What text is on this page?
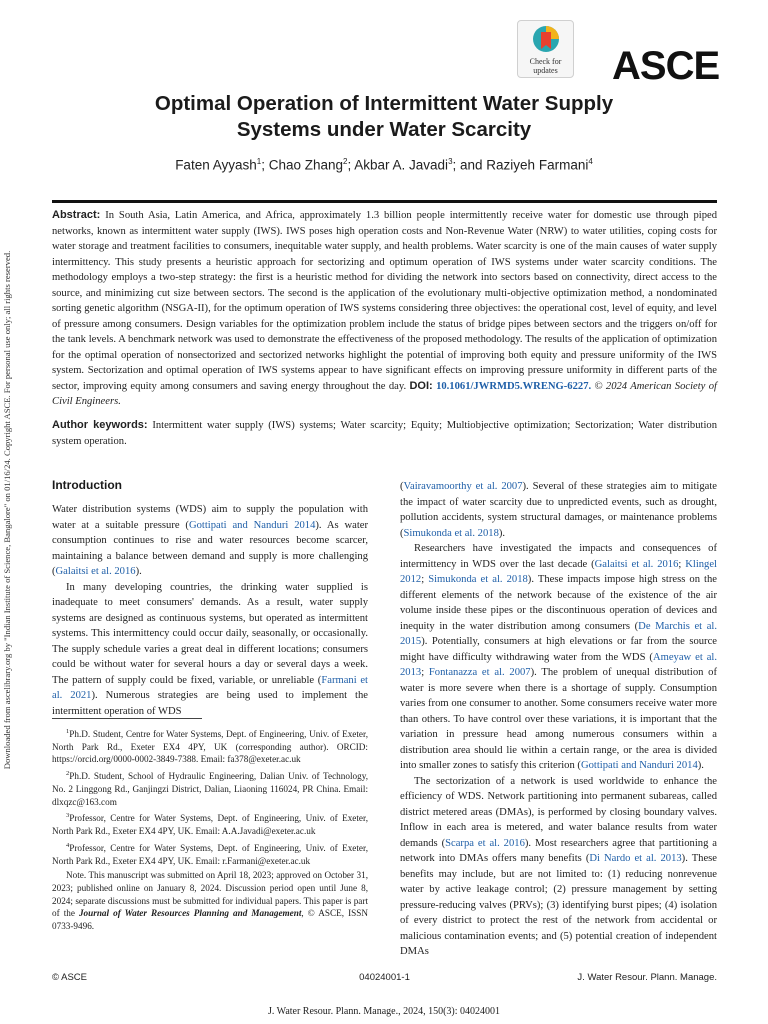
Downloaded from ascelibrary.org by "Indian Institute of Science, Bangalore" on 01/16/24. Copyright ASCE. For personal use only; all rights reserved.
Check for
updates	ASCE
Optimal Operation of Intermittent Water Supply
Systems under Water Scarcity
Faten Ayyash$^1$; Chao Zhang$^2$; Akbar A. Javadi$^3$; and Raziyeh Farmani$^4$
Abstract: In South Asia, Latin America, and Africa, approximately 1.3 billion people intermittently receive water for domestic use through piped networks, known as intermittent water supply (IWS). IWS poses high operation costs and Non-Revenue Water (NRW) to water utilities, coping costs for water storage and treatment facilities to consumers, inequitable water supply, and health problems. Water scarcity is one of the main causes of water supply intermittency. This study presents a heuristic approach for sectorizing and optimum operation of IWS systems under water scarcity conditions. The methodology employs a two-step strategy: the first is a heuristic method for dividing the network into sectors based on connectivity, direct access to the source, and minimizing cut size between sectors. The second is the application of the evolutionary multi-objective optimization method, a nondominated sorting genetic algorithm (NSGA-II), for the optimum operation of IWS systems considering three objectives: the operational cost, level of equity, and level of pressure among consumers. Design variables for the optimization problem include the status of bridge pipes between sectors and the triggers on/off for the tank levels. A benchmark network was used to demonstrate the effectiveness of the proposed methodology. The results of the application of optimization for the optimal operation of nonsectorized and sectorized networks highlight the potential of improving both equity and pressure uniformity of the IWS system. Sectorization and optimal operation of IWS systems appear to have significant effects on improving pressure uniformity in different parts of the sector, improving equity among consumers and saving energy throughout the day. DOI: 10.1061/JWRMD5.WRENG-6227. © 2024 American Society of Civil Engineers.
Author keywords: Intermittent water supply (IWS) systems; Water scarcity; Equity; Multiobjective optimization; Sectorization; Water distribution system operation.
Introduction

Water distribution systems (WDS) aim to supply the population with water at a suitable pressure (Gottipati and Nanduri 2014). As water consumption continues to rise and water resources become scarcer, maintaining a balance between demand and supply is more challenging (Galaitsi et al. 2016).

In many developing countries, the drinking water supplied is inadequate to meet consumers' demands. As a result, water supply systems are designed as continuous systems, but operated as intermittent systems. This intermittency could occur daily, seasonally, or occasionally. The supply schedule varies a great deal in different locations; consumers could be without water for several hours a day or several days a week. The pattern of supply could be fixed, variable, or unreliable (Farmani et al. 2021). Numerous strategies are being used to implement the intermittent operation of WDS

$^1$Ph.D. Student, Centre for Water Systems, Dept. of Engineering, Univ. of Exeter, North Park Rd., Exeter EX4 4PY, UK (corresponding author). ORCID: https://orcid.org/0000-0002-3849-7388. Email: fa378@exeter.ac.uk

$^2$Ph.D. Student, School of Hydraulic Engineering, Dalian Univ. of Technology, No. 2 Linggong Rd., Ganjingzi District, Dalian, Liaoning 116024, PR China. Email: dlxqzc@163.com

$^3$Professor, Centre for Water Systems, Dept. of Engineering, Univ. of Exeter, North Park Rd., Exeter EX4 4PY, UK. Email: A.A.Javadi@exeter.ac.uk

$^4$Professor, Centre for Water Systems, Dept. of Engineering, Univ. of Exeter, North Park Rd., Exeter EX4 4PY, UK. Email: r.Farmani@exeter.ac.uk

Note. This manuscript was submitted on April 18, 2023; approved on October 31, 2023; published online on January 8, 2024. Discussion period open until June 8, 2024; separate discussions must be submitted for individual papers. This paper is part of the Journal of Water Resources Planning and Management, © ASCE, ISSN 0733-9496.

(Vairavamoorthy et al. 2007). Several of these strategies aim to mitigate the impact of water scarcity due to unpredicted events, such as drought, pollution accidents, system structural damages, or maintenance problems (Simukonda et al. 2018).

Researchers have investigated the impacts and consequences of intermittency in WDS over the last decade (Galaitsi et al. 2016; Klingel 2012; Simukonda et al. 2018). These impacts impose high stress on the different elements of the network because of the existence of the air volume inside these pipes or the discontinuous operation of devices and inequity in the water distribution among consumers (De Marchis et al. 2015). Potentially, consumers at high elevations or far from the source might have difficulty withdrawing water from the WDS (Ameyaw et al. 2013; Fontanazza et al. 2007). The problem of unequal distribution of water is more severe when there is a shortage of supply. Consumption varies from one consumer to another. Some consumers receive water more than others. To have control over these variations, it is important that the variation in pressure head among numerous consumers within a distribution area should lie within a certain range, or the area is divided into smaller zones to satisfy this criterion (Gottipati and Nanduri 2014).

The sectorization of a network is used worldwide to enhance the efficiency of WDS. Network partitioning into permanent subareas, called district metered areas (DMAs), is performed by closing boundary valves. Inflow in each area is metered, and water balance results from water demands (Scarpa et al. 2016). Most researchers agree that partitioning a network into DMAs offers many benefits (Di Nardo et al. 2013). These benefits may include, but are not limited to: (1) reducing nonrevenue water by active leakage control; (2) pressure management by setting pressure-reducing valves (PRVs); (3) identifying burst pipes; (4) isolation of every district to protect the rest of the network from accidental or malicious contamination events; and (5) potential creation of independent DMAs

© ASCE	04024001-1	J. Water Resour. Plann. Manage.
J. Water Resour. Plann. Manage., 2024, 150(3): 04024001
